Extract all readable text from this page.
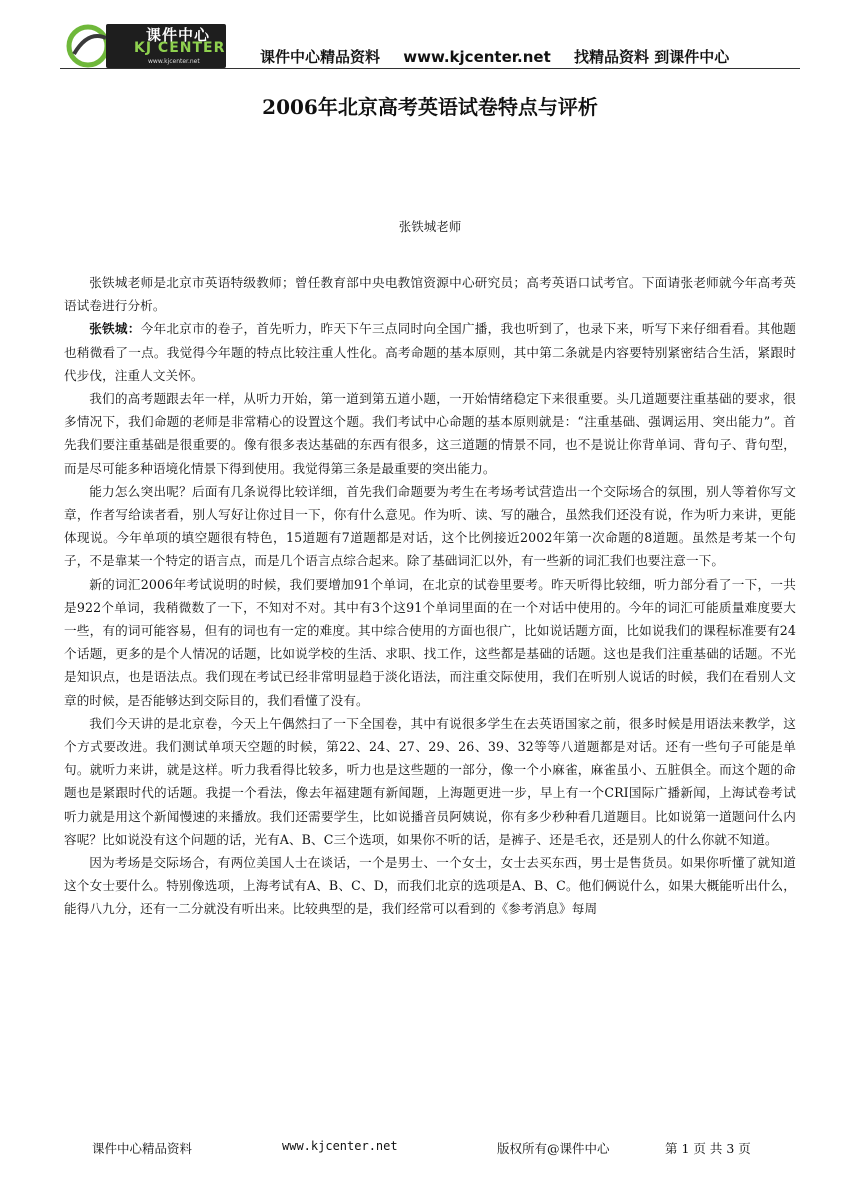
课件中心
KJ CENTER
www.kjcenter.net	课件中心精品资料 www.kjcenter.net 找精品资料 到课件中心
2006年北京高考英语试卷特点与评析
张铁城老师

张铁城老师是北京市英语特级教师；曾任教育部中央电教馆资源中心研究员；高考英语口试考官。下面请张老师就今年高考英语试卷进行分析。

张铁城：今年北京市的卷子，首先听力，昨天下午三点同时向全国广播，我也听到了，也录下来，听写下来仔细看看。其他题也稍微看了一点。我觉得今年题的特点比较注重人性化。高考命题的基本原则，其中第二条就是内容要特别紧密结合生活，紧跟时代步伐，注重人文关怀。

我们的高考题跟去年一样，从听力开始，第一道到第五道小题，一开始情绪稳定下来很重要。头几道题要注重基础的要求，很多情况下，我们命题的老师是非常精心的设置这个题。我们考试中心命题的基本原则就是：“注重基础、强调运用、突出能力”。首先我们要注重基础是很重要的。像有很多表达基础的东西有很多，这三道题的情景不同，也不是说让你背单词、背句子、背句型，而是尽可能多种语境化情景下得到使用。我觉得第三条是最重要的突出能力。

能力怎么突出呢？后面有几条说得比较详细，首先我们命题要为考生在考场考试营造出一个交际场合的氛围，别人等着你写文章，作者写给读者看，别人写好让你过目一下，你有什么意见。作为听、读、写的融合，虽然我们还没有说，作为听力来讲，更能体现说。今年单项的填空题很有特色，15道题有7道题都是对话，这个比例接近2002年第一次命题的8道题。虽然是考某一个句子，不是靠某一个特定的语言点，而是几个语言点综合起来。除了基础词汇以外，有一些新的词汇我们也要注意一下。

新的词汇2006年考试说明的时候，我们要增加91个单词，在北京的试卷里要考。昨天听得比较细，听力部分看了一下，一共是922个单词，我稍微数了一下，不知对不对。其中有3个这91个单词里面的在一个对话中使用的。今年的词汇可能质量难度要大一些，有的词可能容易，但有的词也有一定的难度。其中综合使用的方面也很广，比如说话题方面，比如说我们的课程标准要有24个话题，更多的是个人情况的话题，比如说学校的生活、求职、找工作，这些都是基础的话题。这也是我们注重基础的话题。不光是知识点，也是语法点。我们现在考试已经非常明显趋于淡化语法，而注重交际使用，我们在听别人说话的时候，我们在看别人文章的时候，是否能够达到交际目的，我们看懂了没有。

我们今天讲的是北京卷，今天上午偶然扫了一下全国卷，其中有说很多学生在去英语国家之前，很多时候是用语法来教学，这个方式要改进。我们测试单项天空题的时候，第22、24、27、29、26、39、32等等八道题都是对话。还有一些句子可能是单句。就听力来讲，就是这样。听力我看得比较多，听力也是这些题的一部分，像一个小麻雀，麻雀虽小、五脏俱全。而这个题的命题也是紧跟时代的话题。我提一个看法，像去年福建题有新闻题，上海题更进一步，早上有一个CRI国际广播新闻，上海试卷考试听力就是用这个新闻慢速的来播放。我们还需要学生，比如说播音员阿姨说，你有多少秒种看几道题目。比如说第一道题问什么内容呢？比如说没有这个问题的话，光有A、B、C三个选项，如果你不听的话，是裤子、还是毛衣，还是别人的什么你就不知道。

因为考场是交际场合，有两位美国人士在谈话，一个是男士、一个女士，女士去买东西，男士是售货员。如果你听懂了就知道这个女士要什么。特别像选项，上海考试有A、B、C、D，而我们北京的选项是A、B、C。他们俩说什么，如果大概能听出什么，能得八九分，还有一二分就没有听出来。比较典型的是，我们经常可以看到的《参考消息》每周

课件中心精品资料	www.kjcenter.net	版权所有@课件中心	第 1 页 共 3 页
